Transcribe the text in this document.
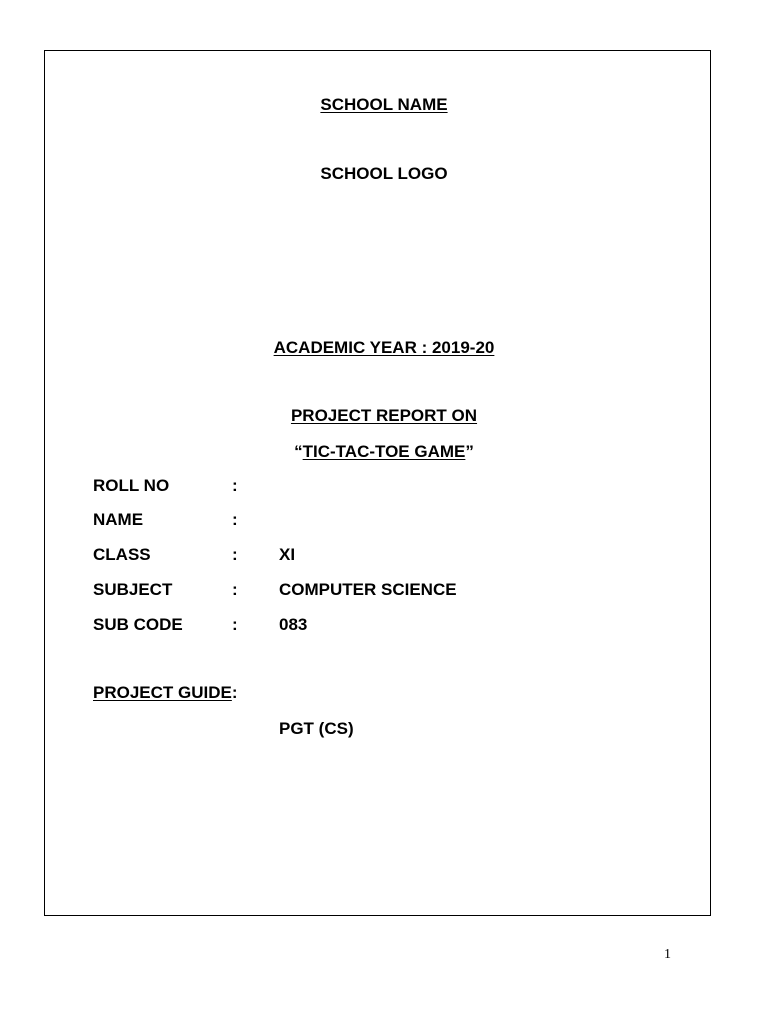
SCHOOL NAME
SCHOOL LOGO
ACADEMIC YEAR : 2019-20
PROJECT REPORT ON
“TIC-TAC-TOE GAME”
ROLL NO	:
NAME	:
CLASS	: XI
SUBJECT	: COMPUTER SCIENCE
SUB CODE	: 083
PROJECT GUIDE:
PGT (CS)
1
